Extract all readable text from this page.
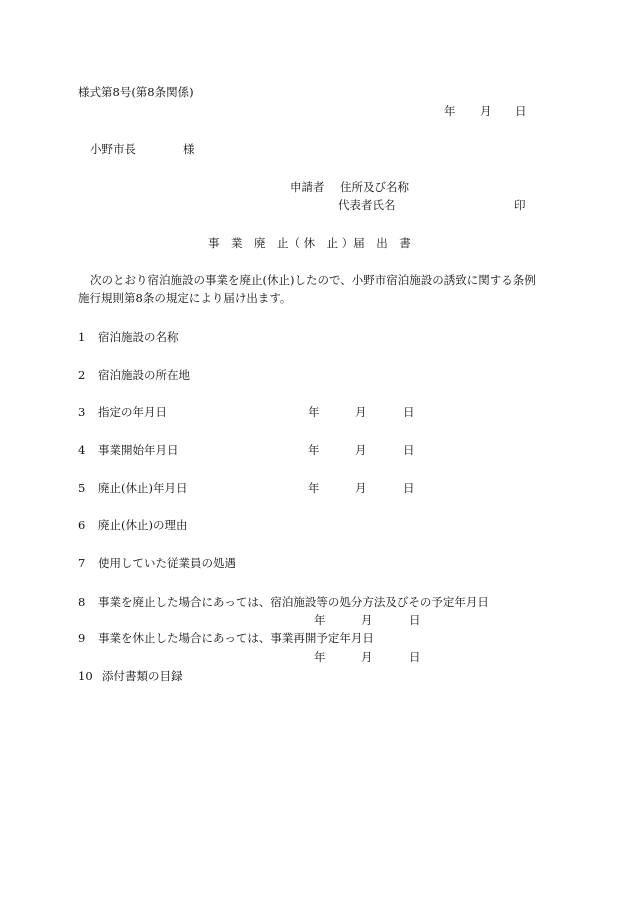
様式第8号(第8条関係)
年 月 日
小野市長	様
申請者 住所及び名称
代表者氏名	印
事　業　廃　止（ 休　止 ）届　出　書
次のとおり宿泊施設の事業を廃止(休止)したので、小野市宿泊施設の誘致に関する条例
施行規則第8条の規定により届け出ます。
1 宿泊施設の名称
2 宿泊施設の所在地
3 指定の年月日	年	月	日
4 事業開始年月日	年	月	日
5 廃止(休止)年月日	年	月	日
6 廃止(休止)の理由
7 使用していた従業員の処遇
8 事業を廃止した場合にあっては、宿泊施設等の処分方法及びその予定年月日
年	月	日
9 事業を休止した場合にあっては、事業再開予定年月日
年	月	日
10 添付書類の目録
